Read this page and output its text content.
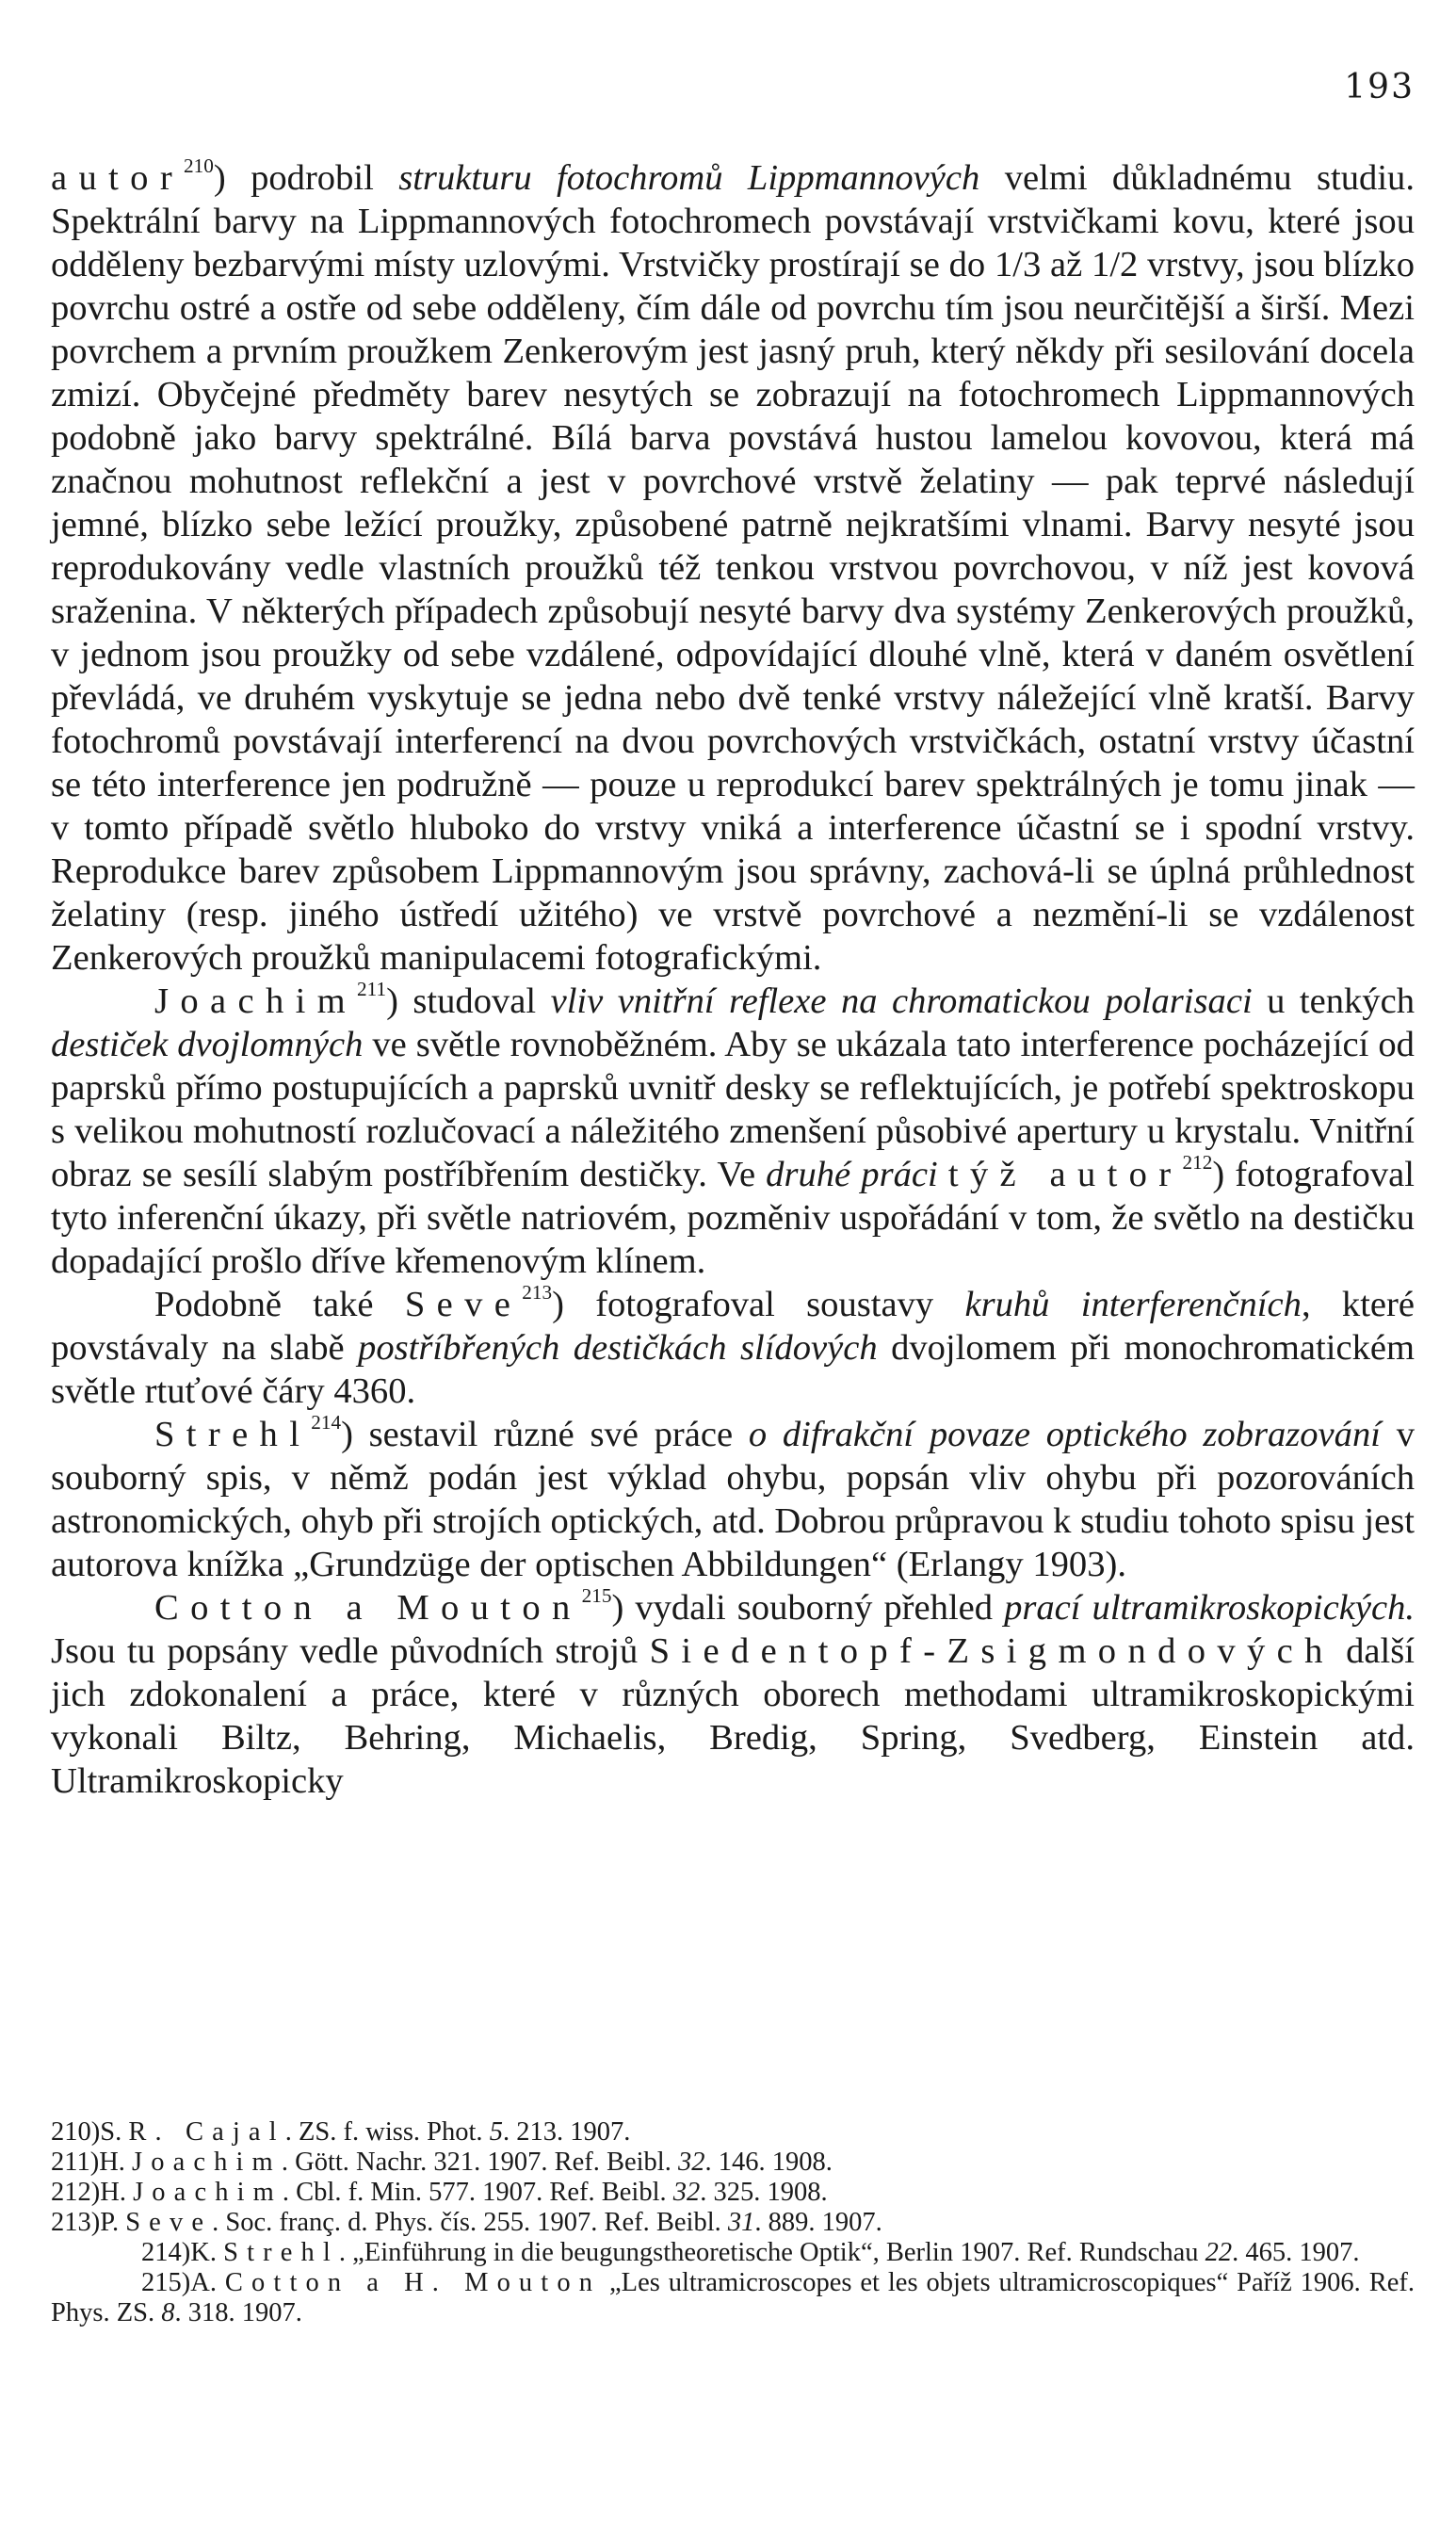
193

autor$^{210}$) podrobil strukturu fotochromů Lippmannových velmi důkladnému studiu. Spektrální barvy na Lippmannových fotochromech povstávají vrstvičkami kovu, které jsou odděleny bezbarvými místy uzlovými. Vrstvičky prostírají se do 1/3 až 1/2 vrstvy, jsou blízko povrchu ostré a ostře od sebe odděleny, čím dále od povrchu tím jsou neurčitější a širší. Mezi povrchem a prvním proužkem Zenkerovým jest jasný pruh, který někdy při sesilování docela zmizí. Obyčejné předměty barev nesytých se zobrazují na fotochromech Lippmannových podobně jako barvy spektrálné. Bílá barva povstává hustou lamelou kovovou, která má značnou mohutnost reflekční a jest v povrchové vrstvě želatiny — pak teprvé následují jemné, blízko sebe ležící proužky, způsobené patrně nejkratšími vlnami. Barvy nesyté jsou reprodukovány vedle vlastních proužků též tenkou vrstvou povrchovou, v níž jest kovová sraženina. V některých případech způsobují nesyté barvy dva systémy Zenkerových proužků, v jednom jsou proužky od sebe vzdálené, odpovídající dlouhé vlně, která v daném osvětlení převládá, ve druhém vyskytuje se jedna nebo dvě tenké vrstvy náležející vlně kratší. Barvy fotochromů povstávají interferencí na dvou povrchových vrstvičkách, ostatní vrstvy účastní se této interference jen podružně — pouze u reprodukcí barev spektrálných je tomu jinak — v tomto případě světlo hluboko do vrstvy vniká a interference účastní se i spodní vrstvy. Reprodukce barev způsobem Lippmannovým jsou správny, zachová-li se úplná průhlednost želatiny (resp. jiného ústředí užitého) ve vrstvě povrchové a nezmění-li se vzdálenost Zenkerových proužků manipulacemi fotografickými.

Joachim$^{211}$) studoval vliv vnitřní reflexe na chromatickou polarisaci u tenkých destiček dvojlomných ve světle rovnoběžném. Aby se ukázala tato interference pocházející od paprsků přímo postupujících a paprsků uvnitř desky se reflektujících, je potřebí spektroskopu s velikou mohutností rozlučovací a náležitého zmenšení působivé apertury u krystalu. Vnitřní obraz se sesílí slabým postříbřením destičky. Ve druhé práci týž autor$^{212}$) fotografoval tyto inferenční úkazy, při světle natriovém, pozměniv uspořádání v tom, že světlo na destičku dopadající prošlo dříve křemenovým klínem.

Podobně také Seve$^{213}$) fotografoval soustavy kruhů interferenčních, které povstávaly na slabě postříbřených destičkách slídových dvojlomem při monochromatickém světle rtuťové čáry 4360.

Strehl$^{214}$) sestavil různé své práce o difrakční povaze optického zobrazování v souborný spis, v němž podán jest výklad ohybu, popsán vliv ohybu při pozorováních astronomických, ohyb při strojích optických, atd. Dobrou průpravou k studiu tohoto spisu jest autorova knížka „Grundzüge der optischen Abbildungen“ (Erlangy 1903).

Cotton a Mouton$^{215}$) vydali souborný přehled prací ultramikroskopických. Jsou tu popsány vedle původních strojů Siedentopf-Zsigmondových další jich zdokonalení a práce, které v různých oborech methodami ultramikroskopickými vykonali Biltz, Behring, Michaelis, Bredig, Spring, Svedberg, Einstein atd. Ultramikroskopicky

210)S. R. Cajal. ZS. f. wiss. Phot. 5. 213. 1907.

211)H. Joachim. Gött. Nachr. 321. 1907. Ref. Beibl. 32. 146. 1908.

212)H. Joachim. Cbl. f. Min. 577. 1907. Ref. Beibl. 32. 325. 1908.

213)P. Seve. Soc. franç. d. Phys. čís. 255. 1907. Ref. Beibl. 31. 889. 1907.

214)K. Strehl. „Einführung in die beugungstheoretische Optik“, Berlin 1907. Ref. Rundschau 22. 465. 1907.

215)A. Cotton a H. Mouton „Les ultramicroscopes et les objets ultramicroscopiques“ Paříž 1906. Ref. Phys. ZS. 8. 318. 1907.
